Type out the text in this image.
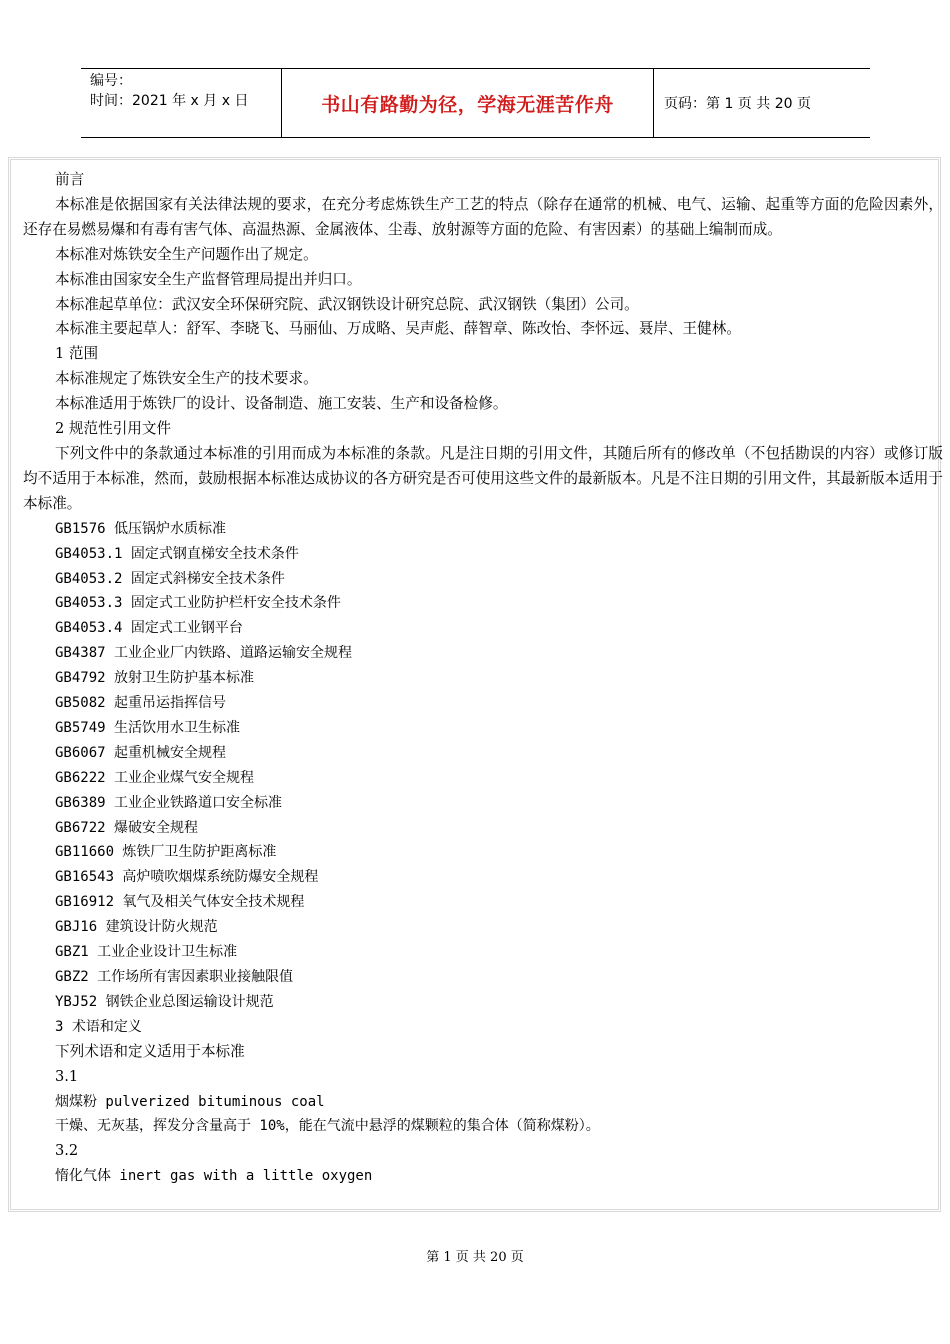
编号：
时间：2021 年 x 月 x 日	书山有路勤为径，学海无涯苦作舟	页码：第 1 页 共 20 页

前言

本标准是依据国家有关法律法规的要求，在充分考虑炼铁生产工艺的特点（除存在通常的机械、电气、运输、起重等方面的危险因素外，还存在易燃易爆和有毒有害气体、高温热源、金属液体、尘毒、放射源等方面的危险、有害因素）的基础上编制而成。

本标准对炼铁安全生产问题作出了规定。

本标准由国家安全生产监督管理局提出并归口。

本标准起草单位：武汉安全环保研究院、武汉钢铁设计研究总院、武汉钢铁（集团）公司。

本标准主要起草人：舒军、李晓飞、马丽仙、万成略、吴声彪、薛智章、陈改怡、李怀远、聂岸、王健林。

1 范围

本标准规定了炼铁安全生产的技术要求。

本标准适用于炼铁厂的设计、设备制造、施工安装、生产和设备检修。

2 规范性引用文件

下列文件中的条款通过本标准的引用而成为本标准的条款。凡是注日期的引用文件，其随后所有的修改单（不包括勘误的内容）或修订版均不适用于本标准，然而，鼓励根据本标准达成协议的各方研究是否可使用这些文件的最新版本。凡是不注日期的引用文件，其最新版本适用于本标准。

GB1576 低压锅炉水质标准

GB4053.1 固定式钢直梯安全技术条件

GB4053.2 固定式斜梯安全技术条件

GB4053.3 固定式工业防护栏杆安全技术条件

GB4053.4 固定式工业钢平台

GB4387 工业企业厂内铁路、道路运输安全规程

GB4792 放射卫生防护基本标准

GB5082 起重吊运指挥信号

GB5749 生活饮用水卫生标准

GB6067 起重机械安全规程

GB6222 工业企业煤气安全规程

GB6389 工业企业铁路道口安全标准

GB6722 爆破安全规程

GB11660 炼铁厂卫生防护距离标准

GB16543 高炉喷吹烟煤系统防爆安全规程

GB16912 氧气及相关气体安全技术规程

GBJ16 建筑设计防火规范

GBZ1 工业企业设计卫生标准

GBZ2 工作场所有害因素职业接触限值

YBJ52 钢铁企业总图运输设计规范

3 术语和定义

下列术语和定义适用于本标准

3.1

烟煤粉 pulverized bituminous coal

干燥、无灰基，挥发分含量高于 10%，能在气流中悬浮的煤颗粒的集合体（简称煤粉）。

3.2

惰化气体 inert gas with a little oxygen

第 1 页 共 20 页
